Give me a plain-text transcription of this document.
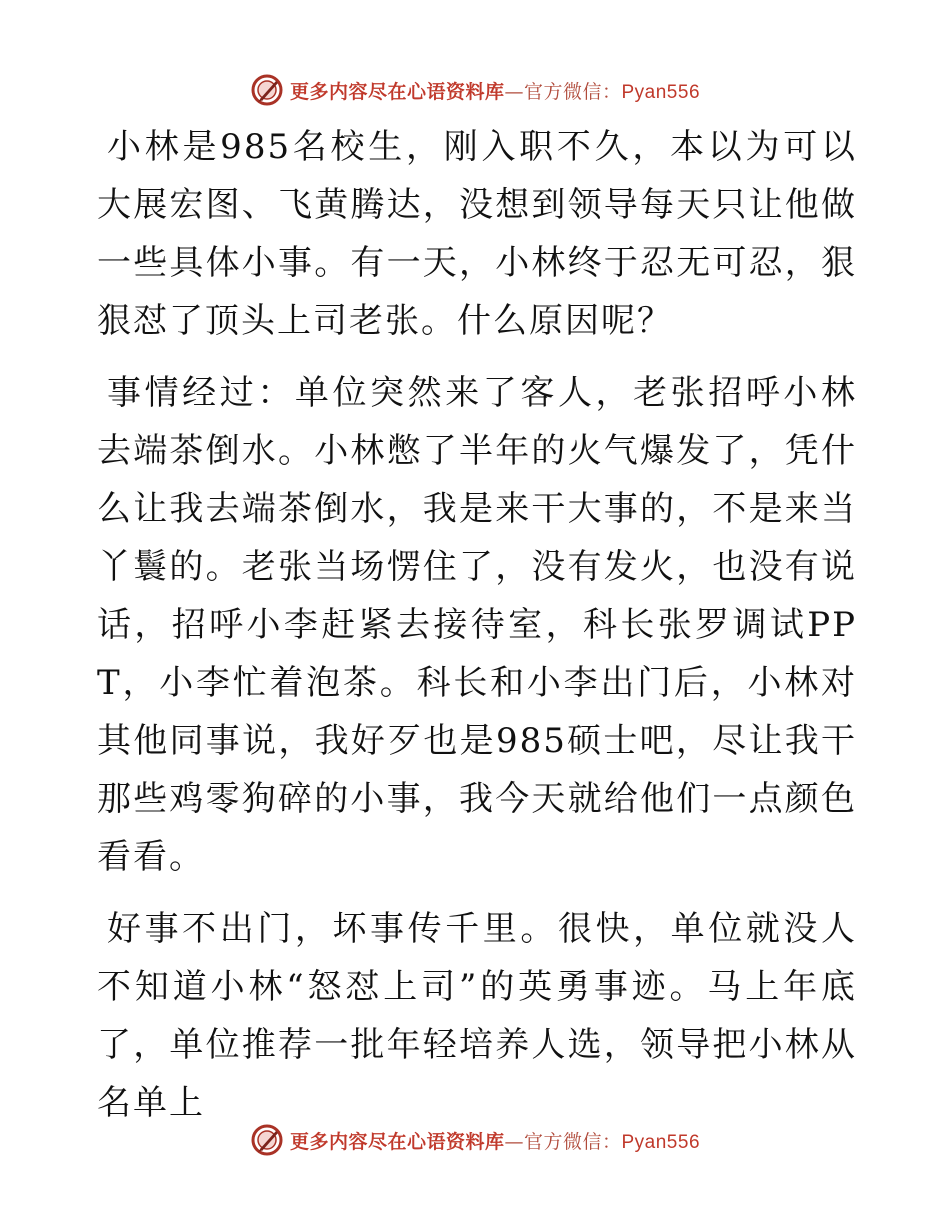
更多内容尽在心语资料库—官方微信：Pyan556

小林是985名校生，刚入职不久，本以为可以大展宏图、飞黄腾达，没想到领导每天只让他做一些具体小事。有一天，小林终于忍无可忍，狠狠怼了顶头上司老张。什么原因呢？

事情经过：单位突然来了客人，老张招呼小林去端茶倒水。小林憋了半年的火气爆发了，凭什么让我去端茶倒水，我是来干大事的，不是来当丫鬟的。老张当场愣住了，没有发火，也没有说话，招呼小李赶紧去接待室，科长张罗调试PPT，小李忙着泡茶。科长和小李出门后，小林对其他同事说，我好歹也是985硕士吧，尽让我干那些鸡零狗碎的小事，我今天就给他们一点颜色看看。

好事不出门，坏事传千里。很快，单位就没人不知道小林“怒怼上司”的英勇事迹。马上年底了，单位推荐一批年轻培养人选，领导把小林从名单上

更多内容尽在心语资料库—官方微信：Pyan556
